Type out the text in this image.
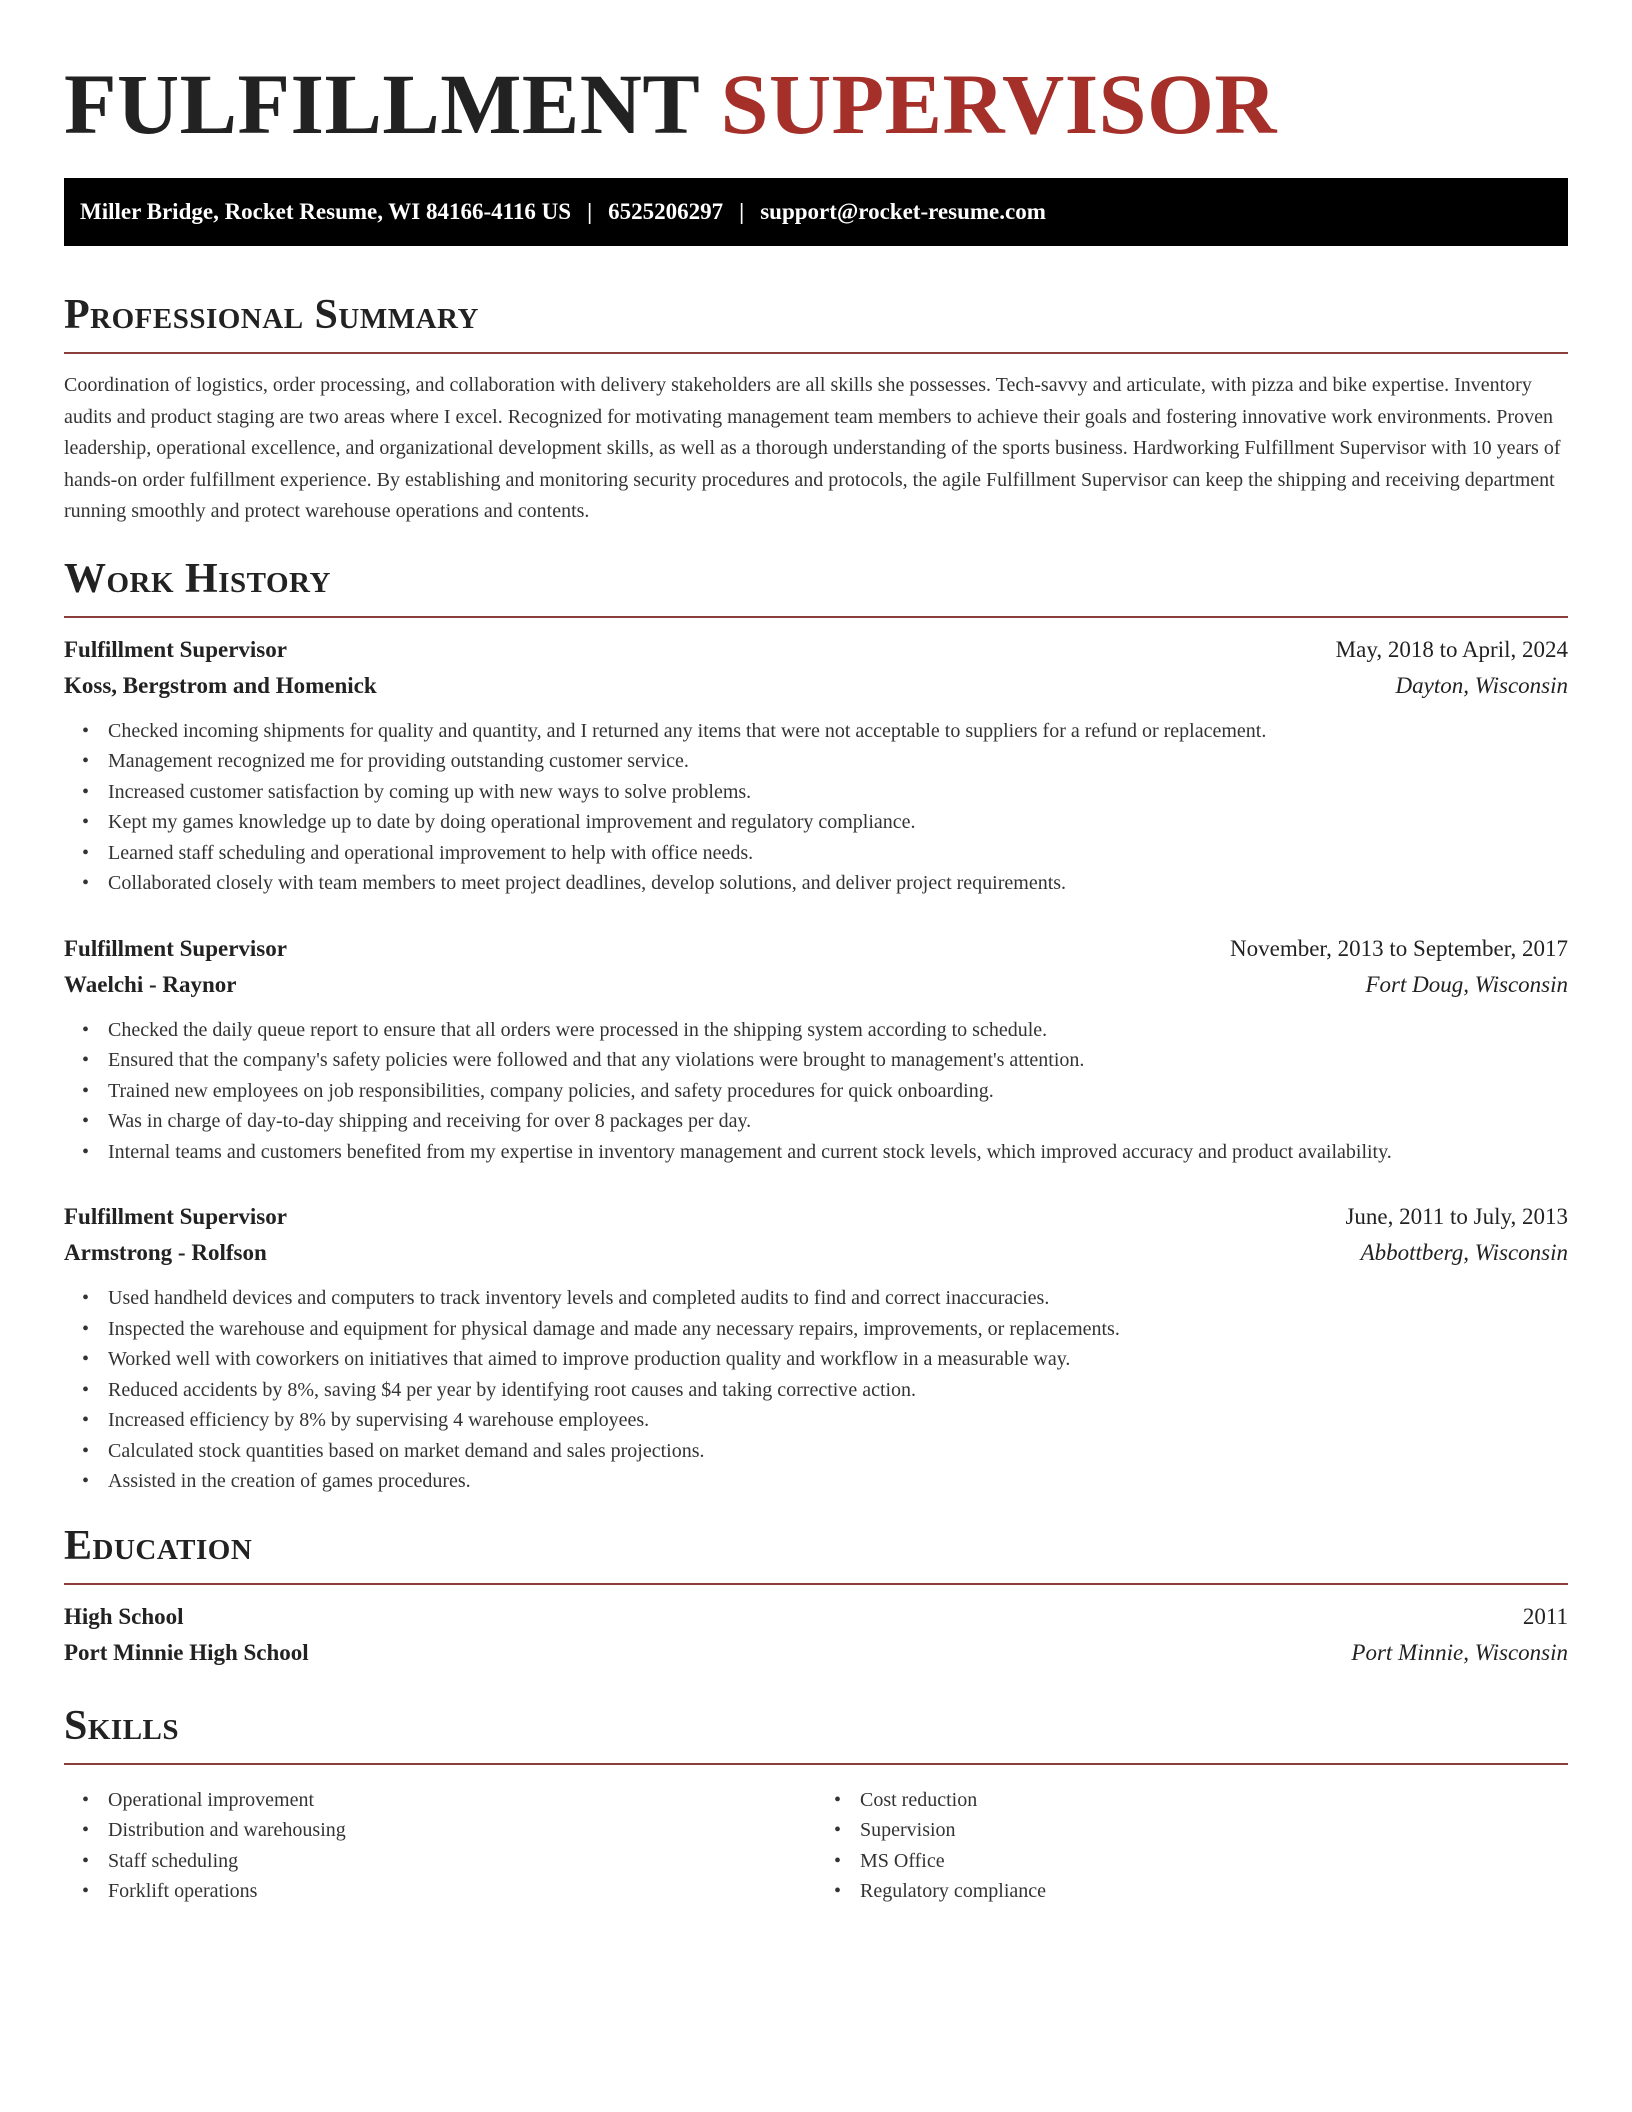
FULFILLMENT SUPERVISOR
Miller Bridge, Rocket Resume, WI 84166-4116 US | 6525206297 | support@rocket-resume.com
Professional Summary

Coordination of logistics, order processing, and collaboration with delivery stakeholders are all skills she possesses. Tech-savvy and articulate, with pizza and bike expertise. Inventory audits and product staging are two areas where I excel. Recognized for motivating management team members to achieve their goals and fostering innovative work environments. Proven leadership, operational excellence, and organizational development skills, as well as a thorough understanding of the sports business. Hardworking Fulfillment Supervisor with 10 years of hands-on order fulfillment experience. By establishing and monitoring security procedures and protocols, the agile Fulfillment Supervisor can keep the shipping and receiving department running smoothly and protect warehouse operations and contents.

Work History
Fulfillment Supervisor	May, 2018 to April, 2024
Koss, Bergstrom and Homenick	Dayton, Wisconsin
• Checked incoming shipments for quality and quantity, and I returned any items that were not acceptable to suppliers for a refund or replacement.
• Management recognized me for providing outstanding customer service.
• Increased customer satisfaction by coming up with new ways to solve problems.
• Kept my games knowledge up to date by doing operational improvement and regulatory compliance.
• Learned staff scheduling and operational improvement to help with office needs.
• Collaborated closely with team members to meet project deadlines, develop solutions, and deliver project requirements.
Fulfillment Supervisor	November, 2013 to September, 2017
Waelchi - Raynor	Fort Doug, Wisconsin
• Checked the daily queue report to ensure that all orders were processed in the shipping system according to schedule.
• Ensured that the company's safety policies were followed and that any violations were brought to management's attention.
• Trained new employees on job responsibilities, company policies, and safety procedures for quick onboarding.
• Was in charge of day-to-day shipping and receiving for over 8 packages per day.
• Internal teams and customers benefited from my expertise in inventory management and current stock levels, which improved accuracy and product availability.
Fulfillment Supervisor	June, 2011 to July, 2013
Armstrong - Rolfson	Abbottberg, Wisconsin
• Used handheld devices and computers to track inventory levels and completed audits to find and correct inaccuracies.
• Inspected the warehouse and equipment for physical damage and made any necessary repairs, improvements, or replacements.
• Worked well with coworkers on initiatives that aimed to improve production quality and workflow in a measurable way.
• Reduced accidents by 8%, saving $4 per year by identifying root causes and taking corrective action.
• Increased efficiency by 8% by supervising 4 warehouse employees.
• Calculated stock quantities based on market demand and sales projections.
• Assisted in the creation of games procedures.
Education
High School	2011
Port Minnie High School	Port Minnie, Wisconsin
Skills
• Operational improvement
• Distribution and warehousing
• Staff scheduling
• Forklift operations
• Cost reduction
• Supervision
• MS Office
• Regulatory compliance
